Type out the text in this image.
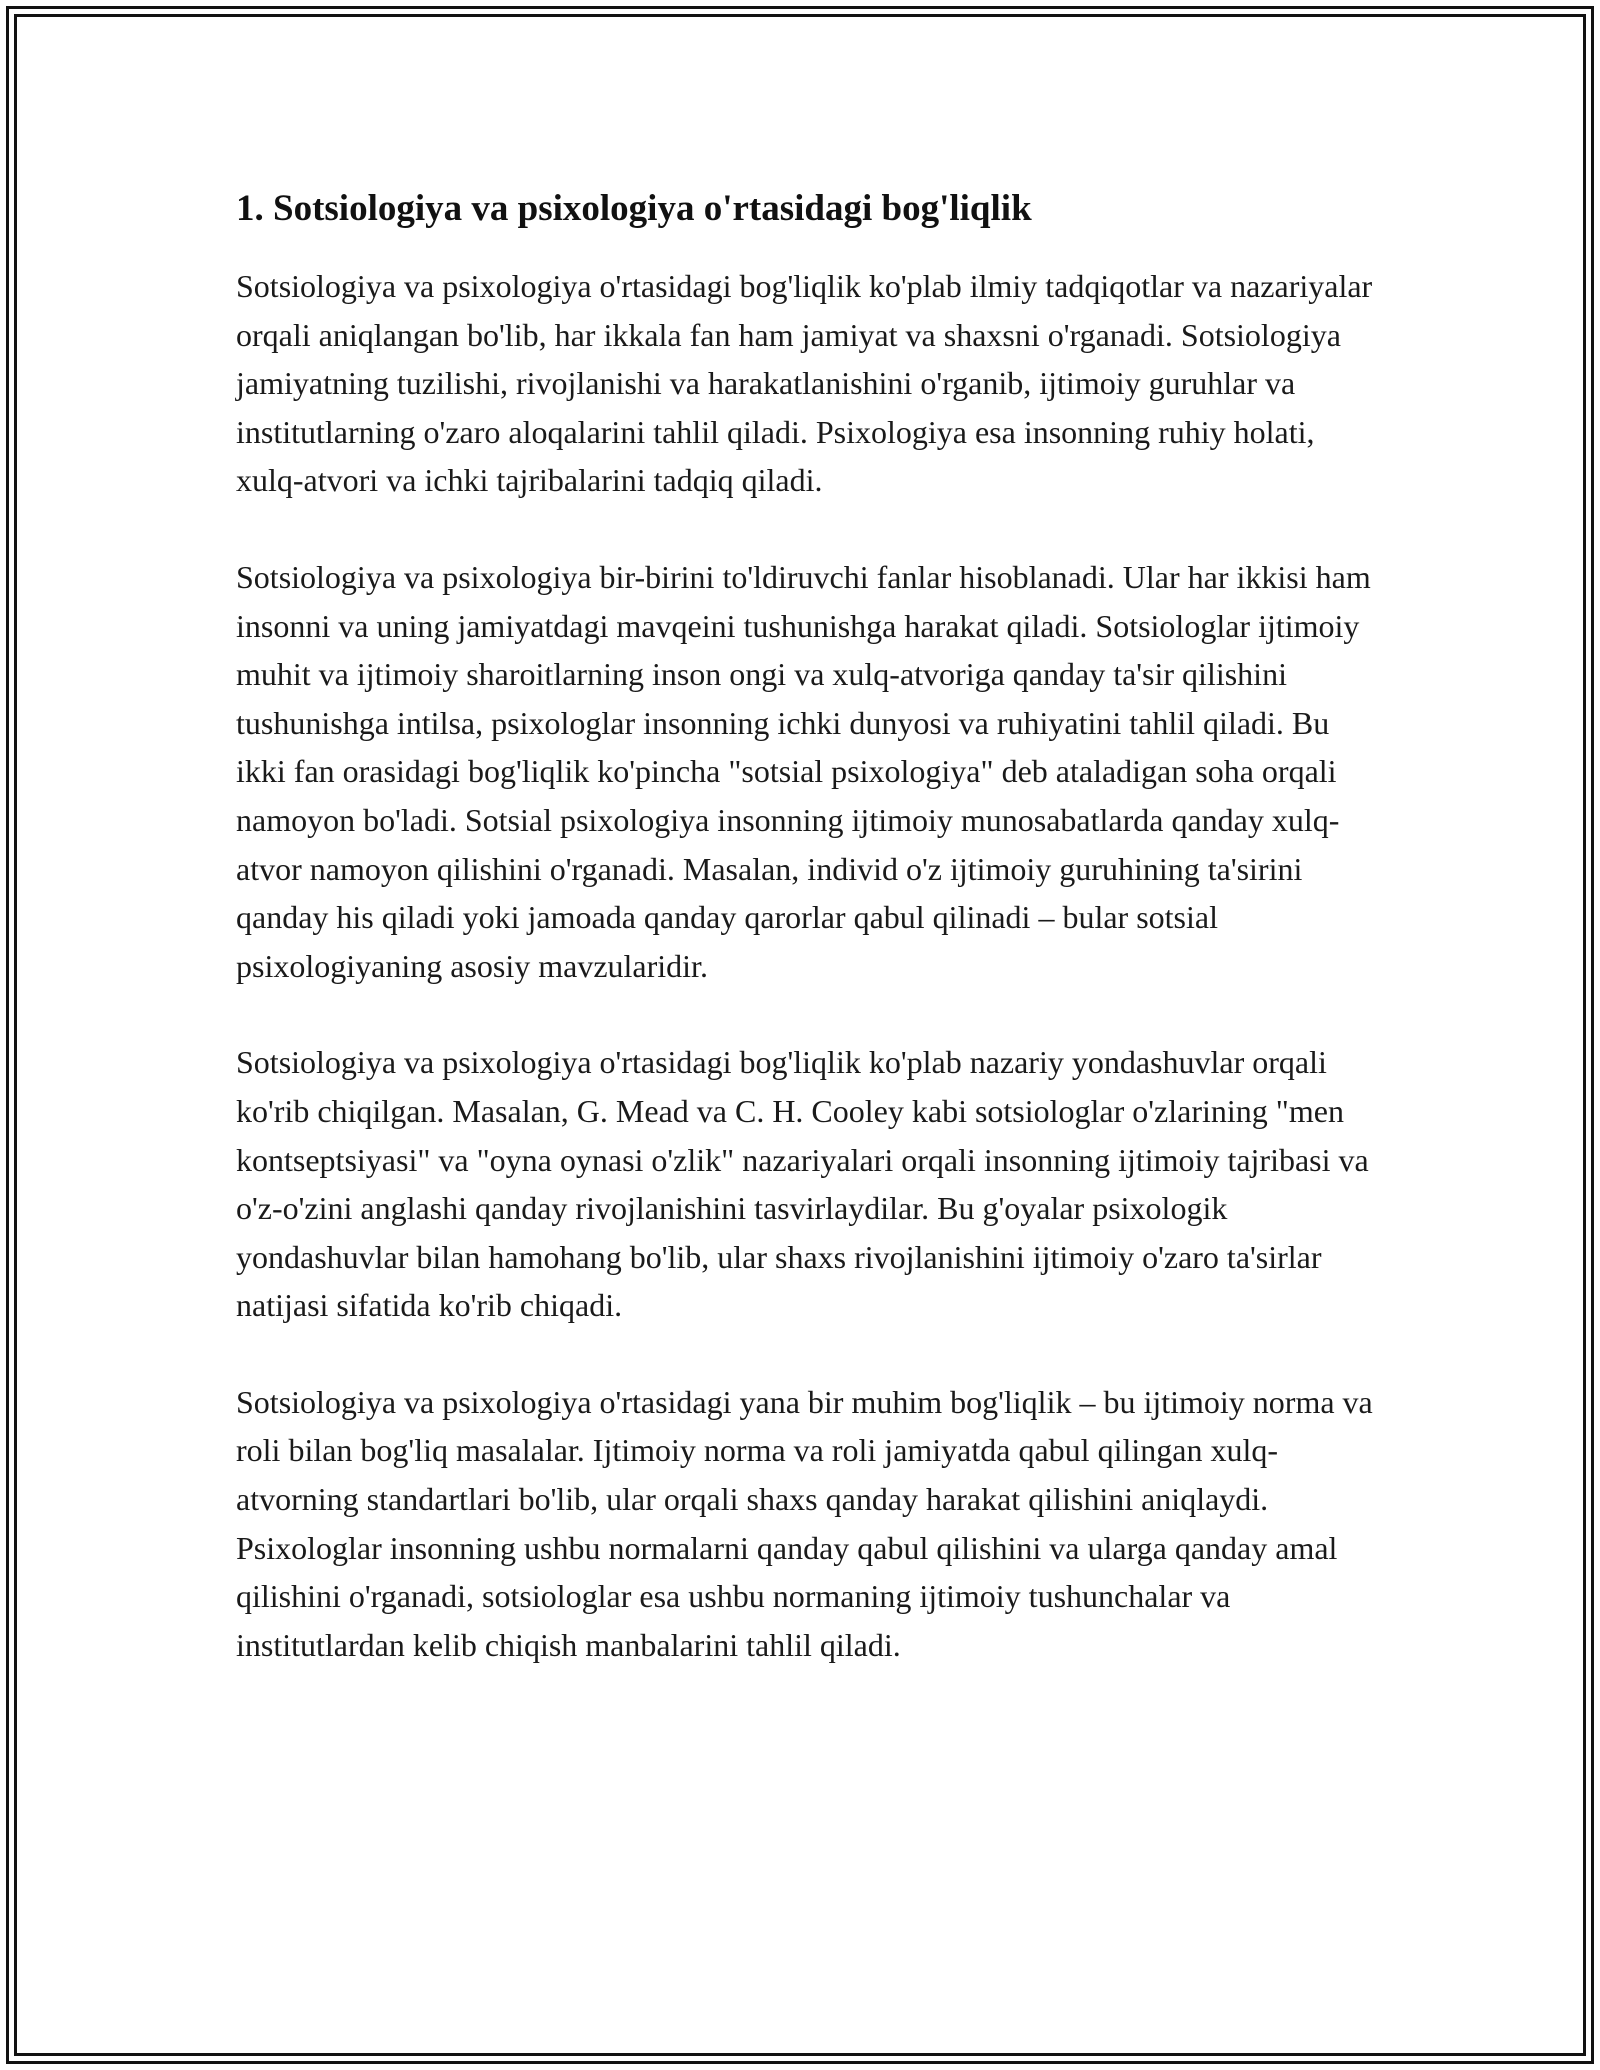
1. Sotsiologiya va psixologiya o'rtasidagi bog'liqlik

Sotsiologiya va psixologiya o'rtasidagi bog'liqlik ko'plab ilmiy tadqiqotlar va nazariyalar orqali aniqlangan bo'lib, har ikkala fan ham jamiyat va shaxsni o'rganadi. Sotsiologiya jamiyatning tuzilishi, rivojlanishi va harakatlanishini o'rganib, ijtimoiy guruhlar va institutlarning o'zaro aloqalarini tahlil qiladi. Psixologiya esa insonning ruhiy holati, xulq-atvori va ichki tajribalarini tadqiq qiladi.

Sotsiologiya va psixologiya bir-birini to'ldiruvchi fanlar hisoblanadi. Ular har ikkisi ham insonni va uning jamiyatdagi mavqeini tushunishga harakat qiladi. Sotsiologlar ijtimoiy muhit va ijtimoiy sharoitlarning inson ongi va xulq-atvoriga qanday ta'sir qilishini tushunishga intilsa, psixologlar insonning ichki dunyosi va ruhiyatini tahlil qiladi. Bu ikki fan orasidagi bog'liqlik ko'pincha "sotsial psixologiya" deb ataladigan soha orqali namoyon bo'ladi. Sotsial psixologiya insonning ijtimoiy munosabatlarda qanday xulq-atvor namoyon qilishini o'rganadi. Masalan, individ o'z ijtimoiy guruhining ta'sirini qanday his qiladi yoki jamoada qanday qarorlar qabul qilinadi – bular sotsial psixologiyaning asosiy mavzularidir.

Sotsiologiya va psixologiya o'rtasidagi bog'liqlik ko'plab nazariy yondashuvlar orqali ko'rib chiqilgan. Masalan, G. Mead va C. H. Cooley kabi sotsiologlar o'zlarining "men kontseptsiyasi" va "oyna oynasi o'zlik" nazariyalari orqali insonning ijtimoiy tajribasi va o'z-o'zini anglashi qanday rivojlanishini tasvirlaydilar. Bu g'oyalar psixologik yondashuvlar bilan hamohang bo'lib, ular shaxs rivojlanishini ijtimoiy o'zaro ta'sirlar natijasi sifatida ko'rib chiqadi.

Sotsiologiya va psixologiya o'rtasidagi yana bir muhim bog'liqlik – bu ijtimoiy norma va roli bilan bog'liq masalalar. Ijtimoiy norma va roli jamiyatda qabul qilingan xulq-atvorning standartlari bo'lib, ular orqali shaxs qanday harakat qilishini aniqlaydi. Psixologlar insonning ushbu normalarni qanday qabul qilishini va ularga qanday amal qilishini o'rganadi, sotsiologlar esa ushbu normaning ijtimoiy tushunchalar va institutlardan kelib chiqish manbalarini tahlil qiladi.
